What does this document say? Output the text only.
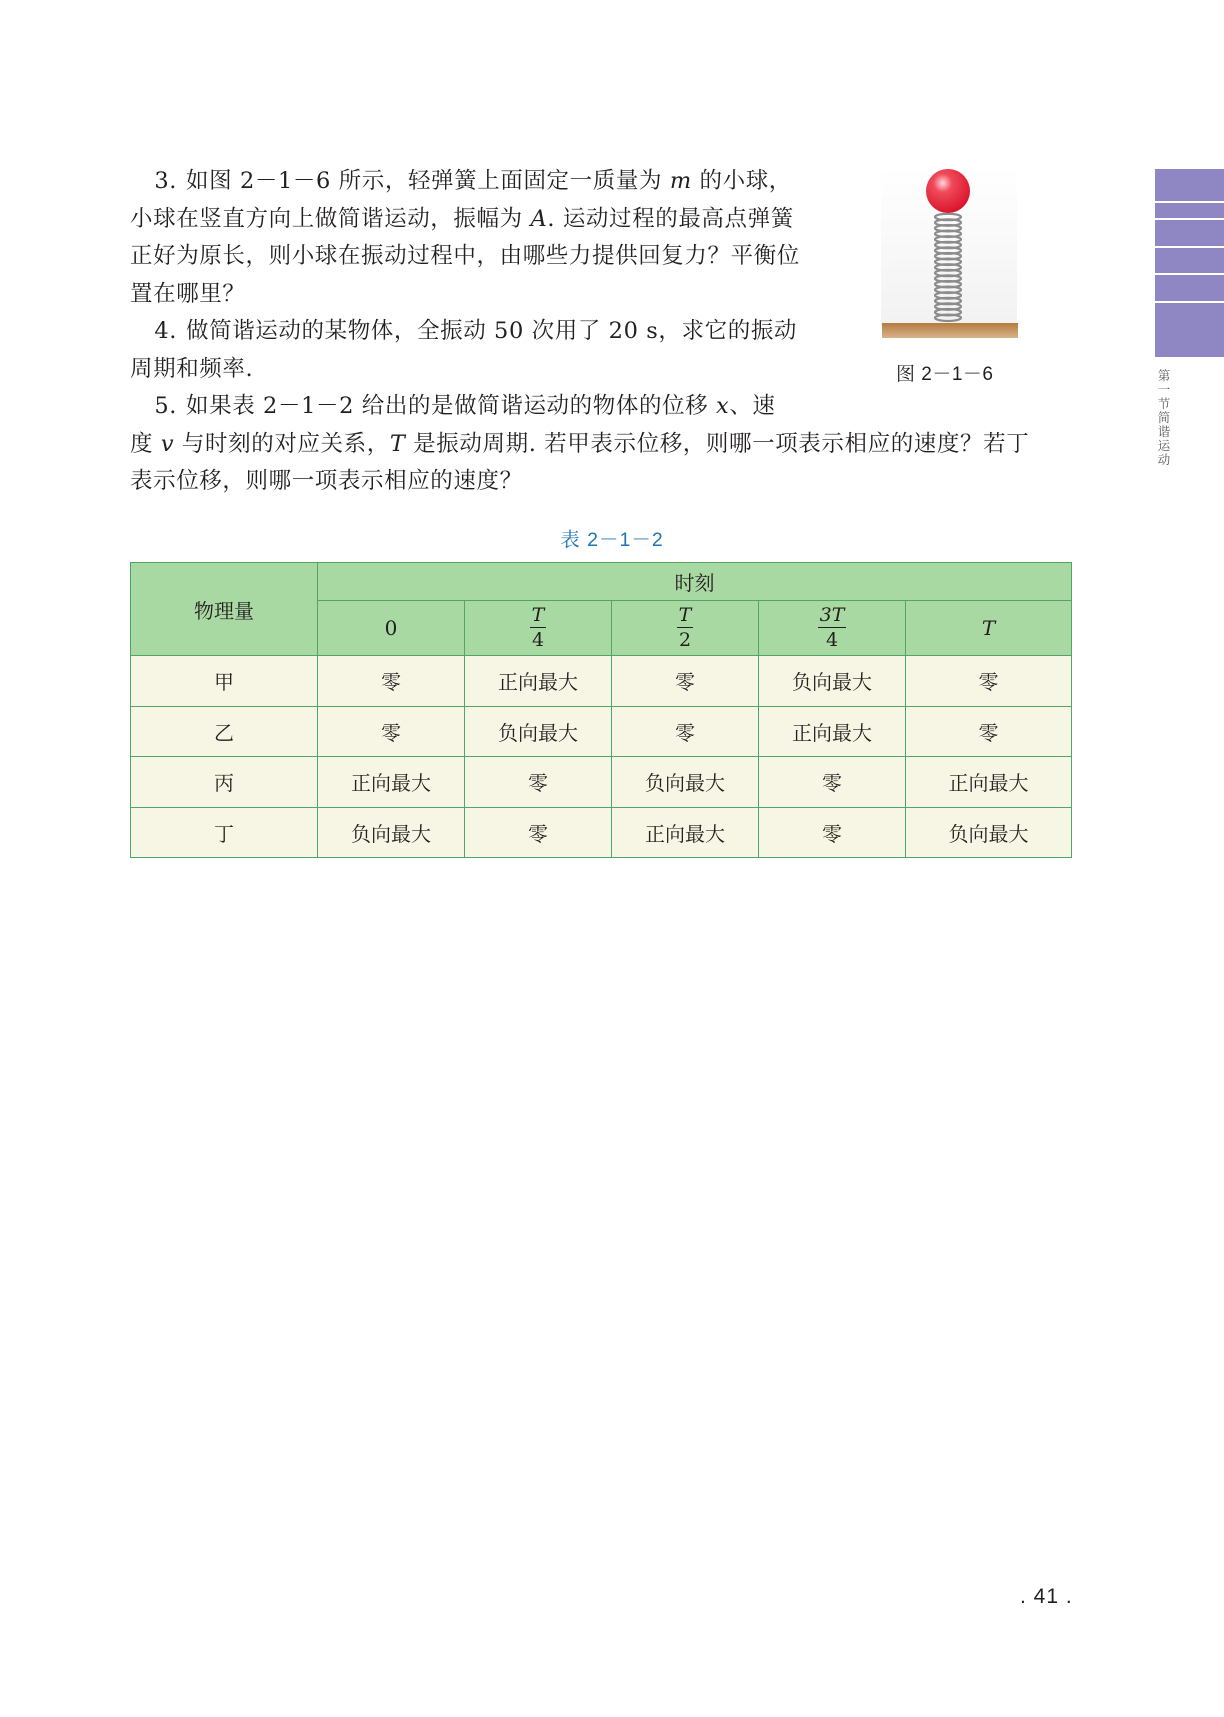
3. 如图 2－1－6 所示，轻弹簧上面固定一质量为 m 的小球，
小球在竖直方向上做简谐运动，振幅为 A. 运动过程的最高点弹簧
正好为原长，则小球在振动过程中，由哪些力提供回复力？平衡位
置在哪里？
4. 做简谐运动的某物体，全振动 50 次用了 20 s，求它的振动
周期和频率.
5. 如果表 2－1－2 给出的是做简谐运动的物体的位移 x、速
度 v 与时刻的对应关系，T 是振动周期. 若甲表示位移，则哪一项表示相应的速度？若丁
表示位移，则哪一项表示相应的速度？
图 2－1－6	第一节 简谐运动
表 2－1－2
物理量	时刻				
	0	$\frac{T}{4}$	$\frac{T}{2}$	$\frac{3T}{4}$	T
甲	零	正向最大	零	负向最大	零
乙	零	负向最大	零	正向最大	零
丙	正向最大	零	负向最大	零	正向最大
丁	负向最大	零	正向最大	零	负向最大
. 41 .
